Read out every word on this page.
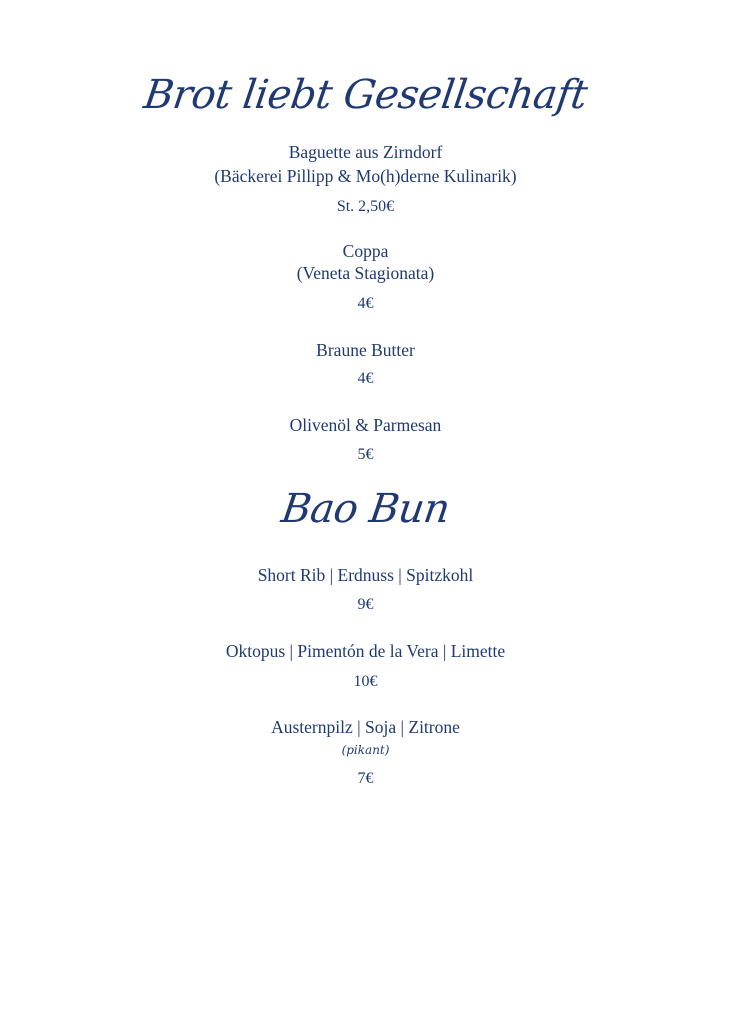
Brot liebt Gesellschaft
Baguette aus Zirndorf
(Bäckerei Pillipp & Mo(h)derne Kulinarik)
St. 2,50€
Coppa
(Veneta Stagionata)
4€
Braune Butter
4€
Olivenöl & Parmesan
5€
Bao Bun
Short Rib | Erdnuss | Spitzkohl
9€
Oktopus | Pimentón de la Vera | Limette
10€
Austernpilz | Soja | Zitrone
(pikant)
7€
